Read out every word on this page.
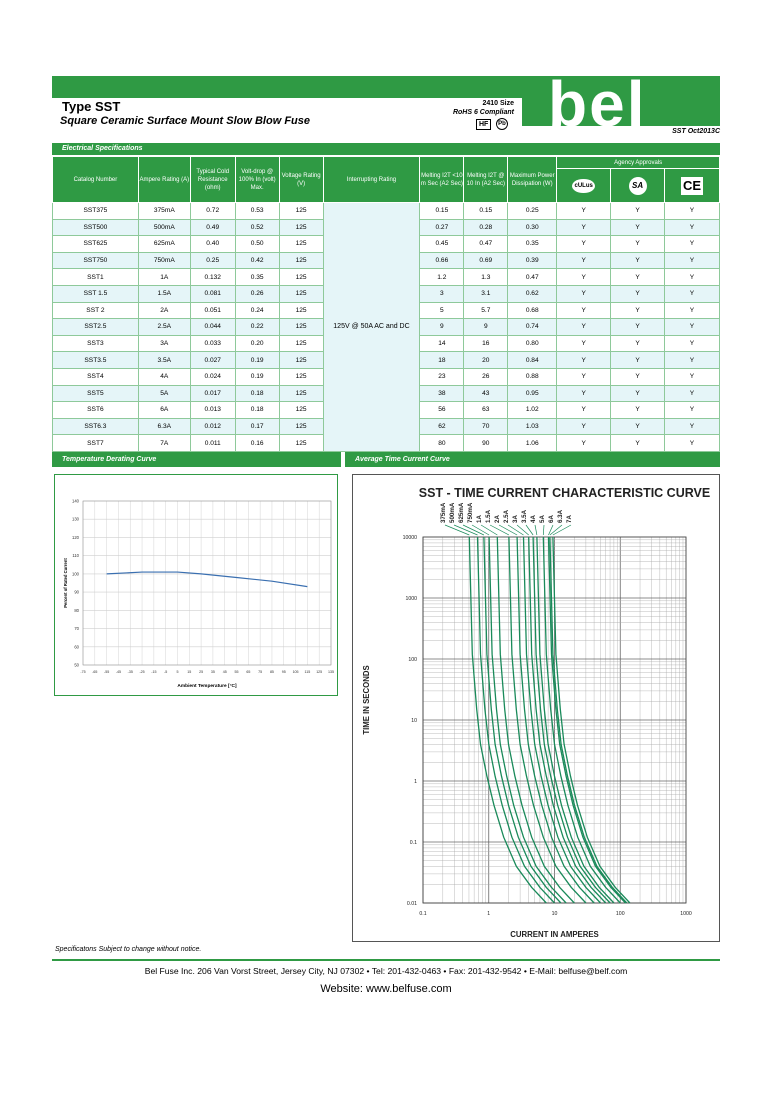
bel
Type SST
Square Ceramic Surface Mount Slow Blow Fuse
2410 Size
RoHS 6 Compliant
HF	Pb
SST Oct2013C
Electrical Specifications
Catalog Number	Ampere Rating (A)	Typical Cold Resistance (ohm)	Volt-drop @ 100% In (volt) Max.	Voltage Rating (V)	Interrupting Rating	Melting I2T <10 m Sec (A2 Sec)	Melting I2T @ 10 In (A2 Sec)	Maximum Power Dissipation (W)	Agency Approvals		
									cULus	SA	CE
SST375	375mA	0.72	0.53	125	125V @ 50A AC and DC	0.15	0.15	0.25	Y	Y	Y
SST500	500mA	0.49	0.52	125		0.27	0.28	0.30	Y	Y	Y
SST625	625mA	0.40	0.50	125		0.45	0.47	0.35	Y	Y	Y
SST750	750mA	0.25	0.42	125		0.66	0.69	0.39	Y	Y	Y
SST1	1A	0.132	0.35	125		1.2	1.3	0.47	Y	Y	Y
SST 1.5	1.5A	0.081	0.26	125		3	3.1	0.62	Y	Y	Y
SST 2	2A	0.051	0.24	125		5	5.7	0.68	Y	Y	Y
SST2.5	2.5A	0.044	0.22	125		9	9	0.74	Y	Y	Y
SST3	3A	0.033	0.20	125		14	16	0.80	Y	Y	Y
SST3.5	3.5A	0.027	0.19	125		18	20	0.84	Y	Y	Y
SST4	4A	0.024	0.19	125		23	26	0.88	Y	Y	Y
SST5	5A	0.017	0.18	125		38	43	0.95	Y	Y	Y
SST6	6A	0.013	0.18	125		56	63	1.02	Y	Y	Y
SST6.3	6.3A	0.012	0.17	125		62	70	1.03	Y	Y	Y
SST7	7A	0.011	0.16	125		80	90	1.06	Y	Y	Y
Temperature Derating Curve	Average Time Current Curve
-75 -65 -55 -45 -35 -25 -15 -5	5 15 25 35 45 55 65 75 85 95 105 115 125 135
50
60
70
80
90
100
110
120
130
140
Ambient Temperature [°C]
Percent of Rated Current
SST - TIME CURRENT CHARACTERISTIC CURVE
0.1	1	10	100	1000
0.01
0.1
1
10
100
1000
10000
CURRENT IN AMPERES
TIME IN SECONDS
375mA 500mA 625mA 750mA 1A 1.5A 2A 2.5A 3A 3.5A 4A 5A 6A 6.3A 7A
Specificatons Subject to change without notice.
Bel Fuse Inc. 206 Van Vorst Street, Jersey City, NJ 07302 • Tel: 201-432-0463 • Fax: 201-432-9542 • E-Mail: belfuse@belf.com
Website: www.belfuse.com
